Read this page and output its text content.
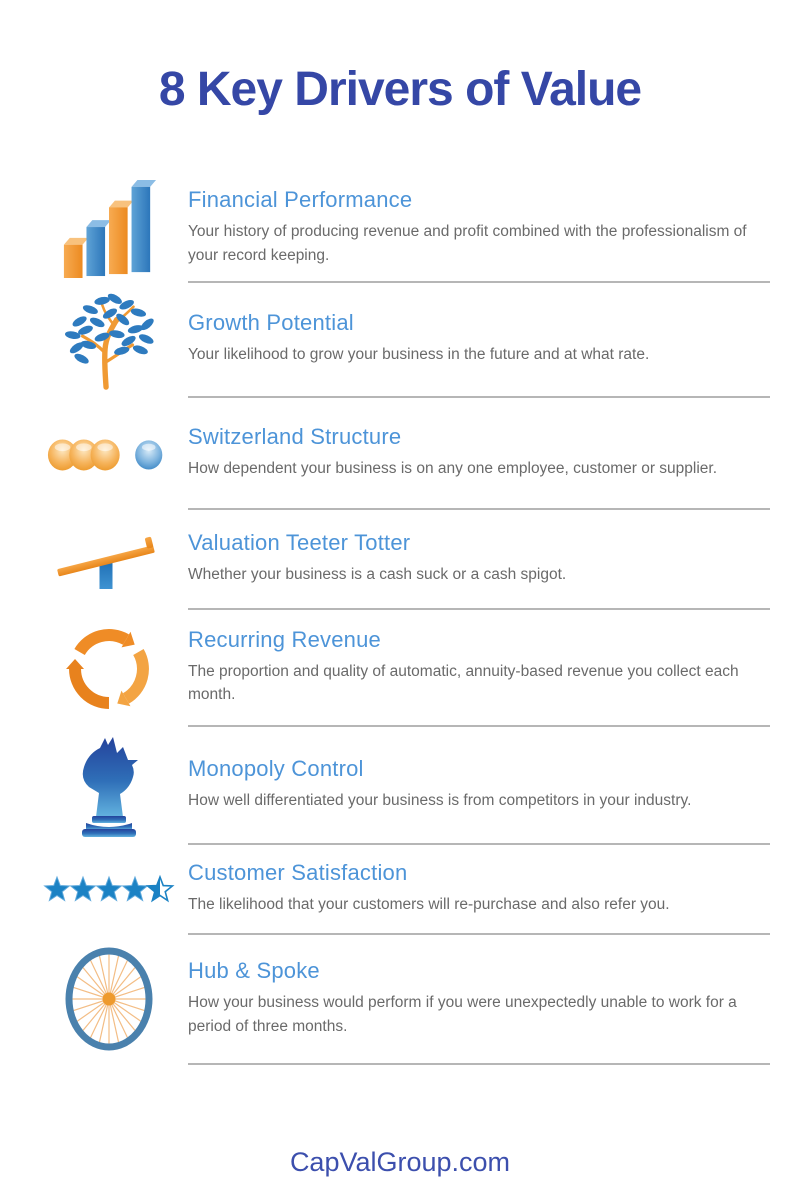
8 Key Drivers of Value
Financial Performance

Your history of producing revenue and profit combined with the professionalism of your record keeping.

Growth Potential

Your likelihood to grow your business in the future and at what rate.

Switzerland Structure

How dependent your business is on any one employee, customer or supplier.

Valuation Teeter Totter

Whether your business is a cash suck or a cash spigot.

Recurring Revenue

The proportion and quality of automatic, annuity-based revenue you collect each month.

Monopoly Control

How well differentiated your business is from competitors in your industry.

Customer Satisfaction

The likelihood that your customers will re-purchase and also refer you.

Hub & Spoke

How your business would perform if you were unexpectedly unable to work for a period of three months.

CapValGroup.com
